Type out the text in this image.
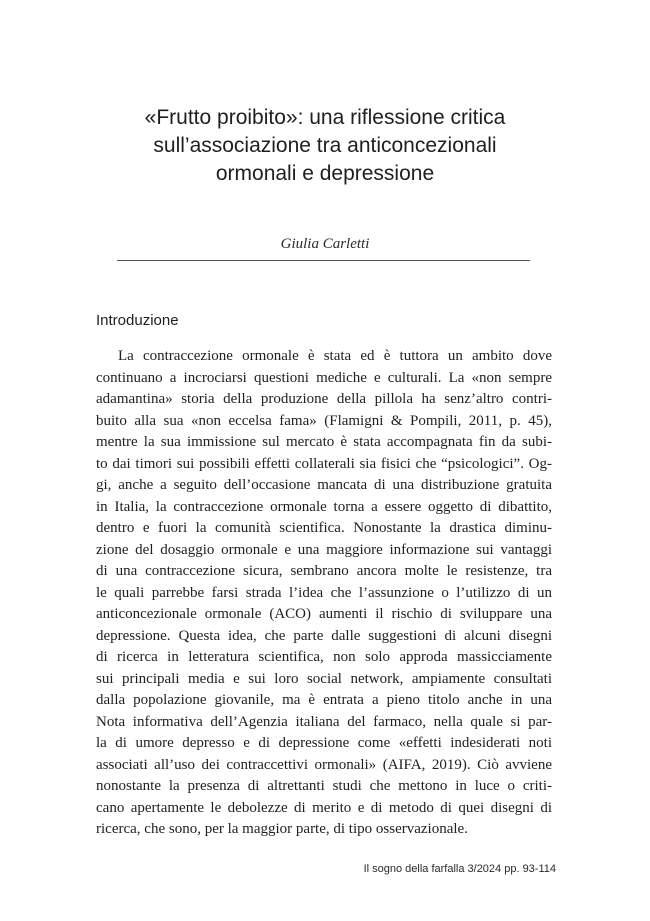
«Frutto proibito»: una riflessione critica
sull’associazione tra anticoncezionali
ormonali e depressione
Giulia Carletti
Introduzione
La contraccezione ormonale è stata ed è tuttora un ambito dove
continuano a incrociarsi questioni mediche e culturali. La «non sempre
adamantina» storia della produzione della pillola ha senz’altro contri-
buito alla sua «non eccelsa fama» (Flamigni & Pompili, 2011, p. 45),
mentre la sua immissione sul mercato è stata accompagnata fin da subi-
to dai timori sui possibili effetti collaterali sia fisici che “psicologici”. Og-
gi, anche a seguito dell’occasione mancata di una distribuzione gratuita
in Italia, la contraccezione ormonale torna a essere oggetto di dibattito,
dentro e fuori la comunità scientifica. Nonostante la drastica diminu-
zione del dosaggio ormonale e una maggiore informazione sui vantaggi
di una contraccezione sicura, sembrano ancora molte le resistenze, tra
le quali parrebbe farsi strada l’idea che l’assunzione o l’utilizzo di un
anticoncezionale ormonale (ACO) aumenti il rischio di sviluppare una
depressione. Questa idea, che parte dalle suggestioni di alcuni disegni
di ricerca in letteratura scientifica, non solo approda massicciamente
sui principali media e sui loro social network, ampiamente consultati
dalla popolazione giovanile, ma è entrata a pieno titolo anche in una
Nota informativa dell’Agenzia italiana del farmaco, nella quale si par-
la di umore depresso e di depressione come «effetti indesiderati noti
associati all’uso dei contraccettivi ormonali» (AIFA, 2019). Ciò avviene
nonostante la presenza di altrettanti studi che mettono in luce o criti-
cano apertamente le debolezze di merito e di metodo di quei disegni di
ricerca, che sono, per la maggior parte, di tipo osservazionale.
Il sogno della farfalla 3/2024 pp. 93-114
